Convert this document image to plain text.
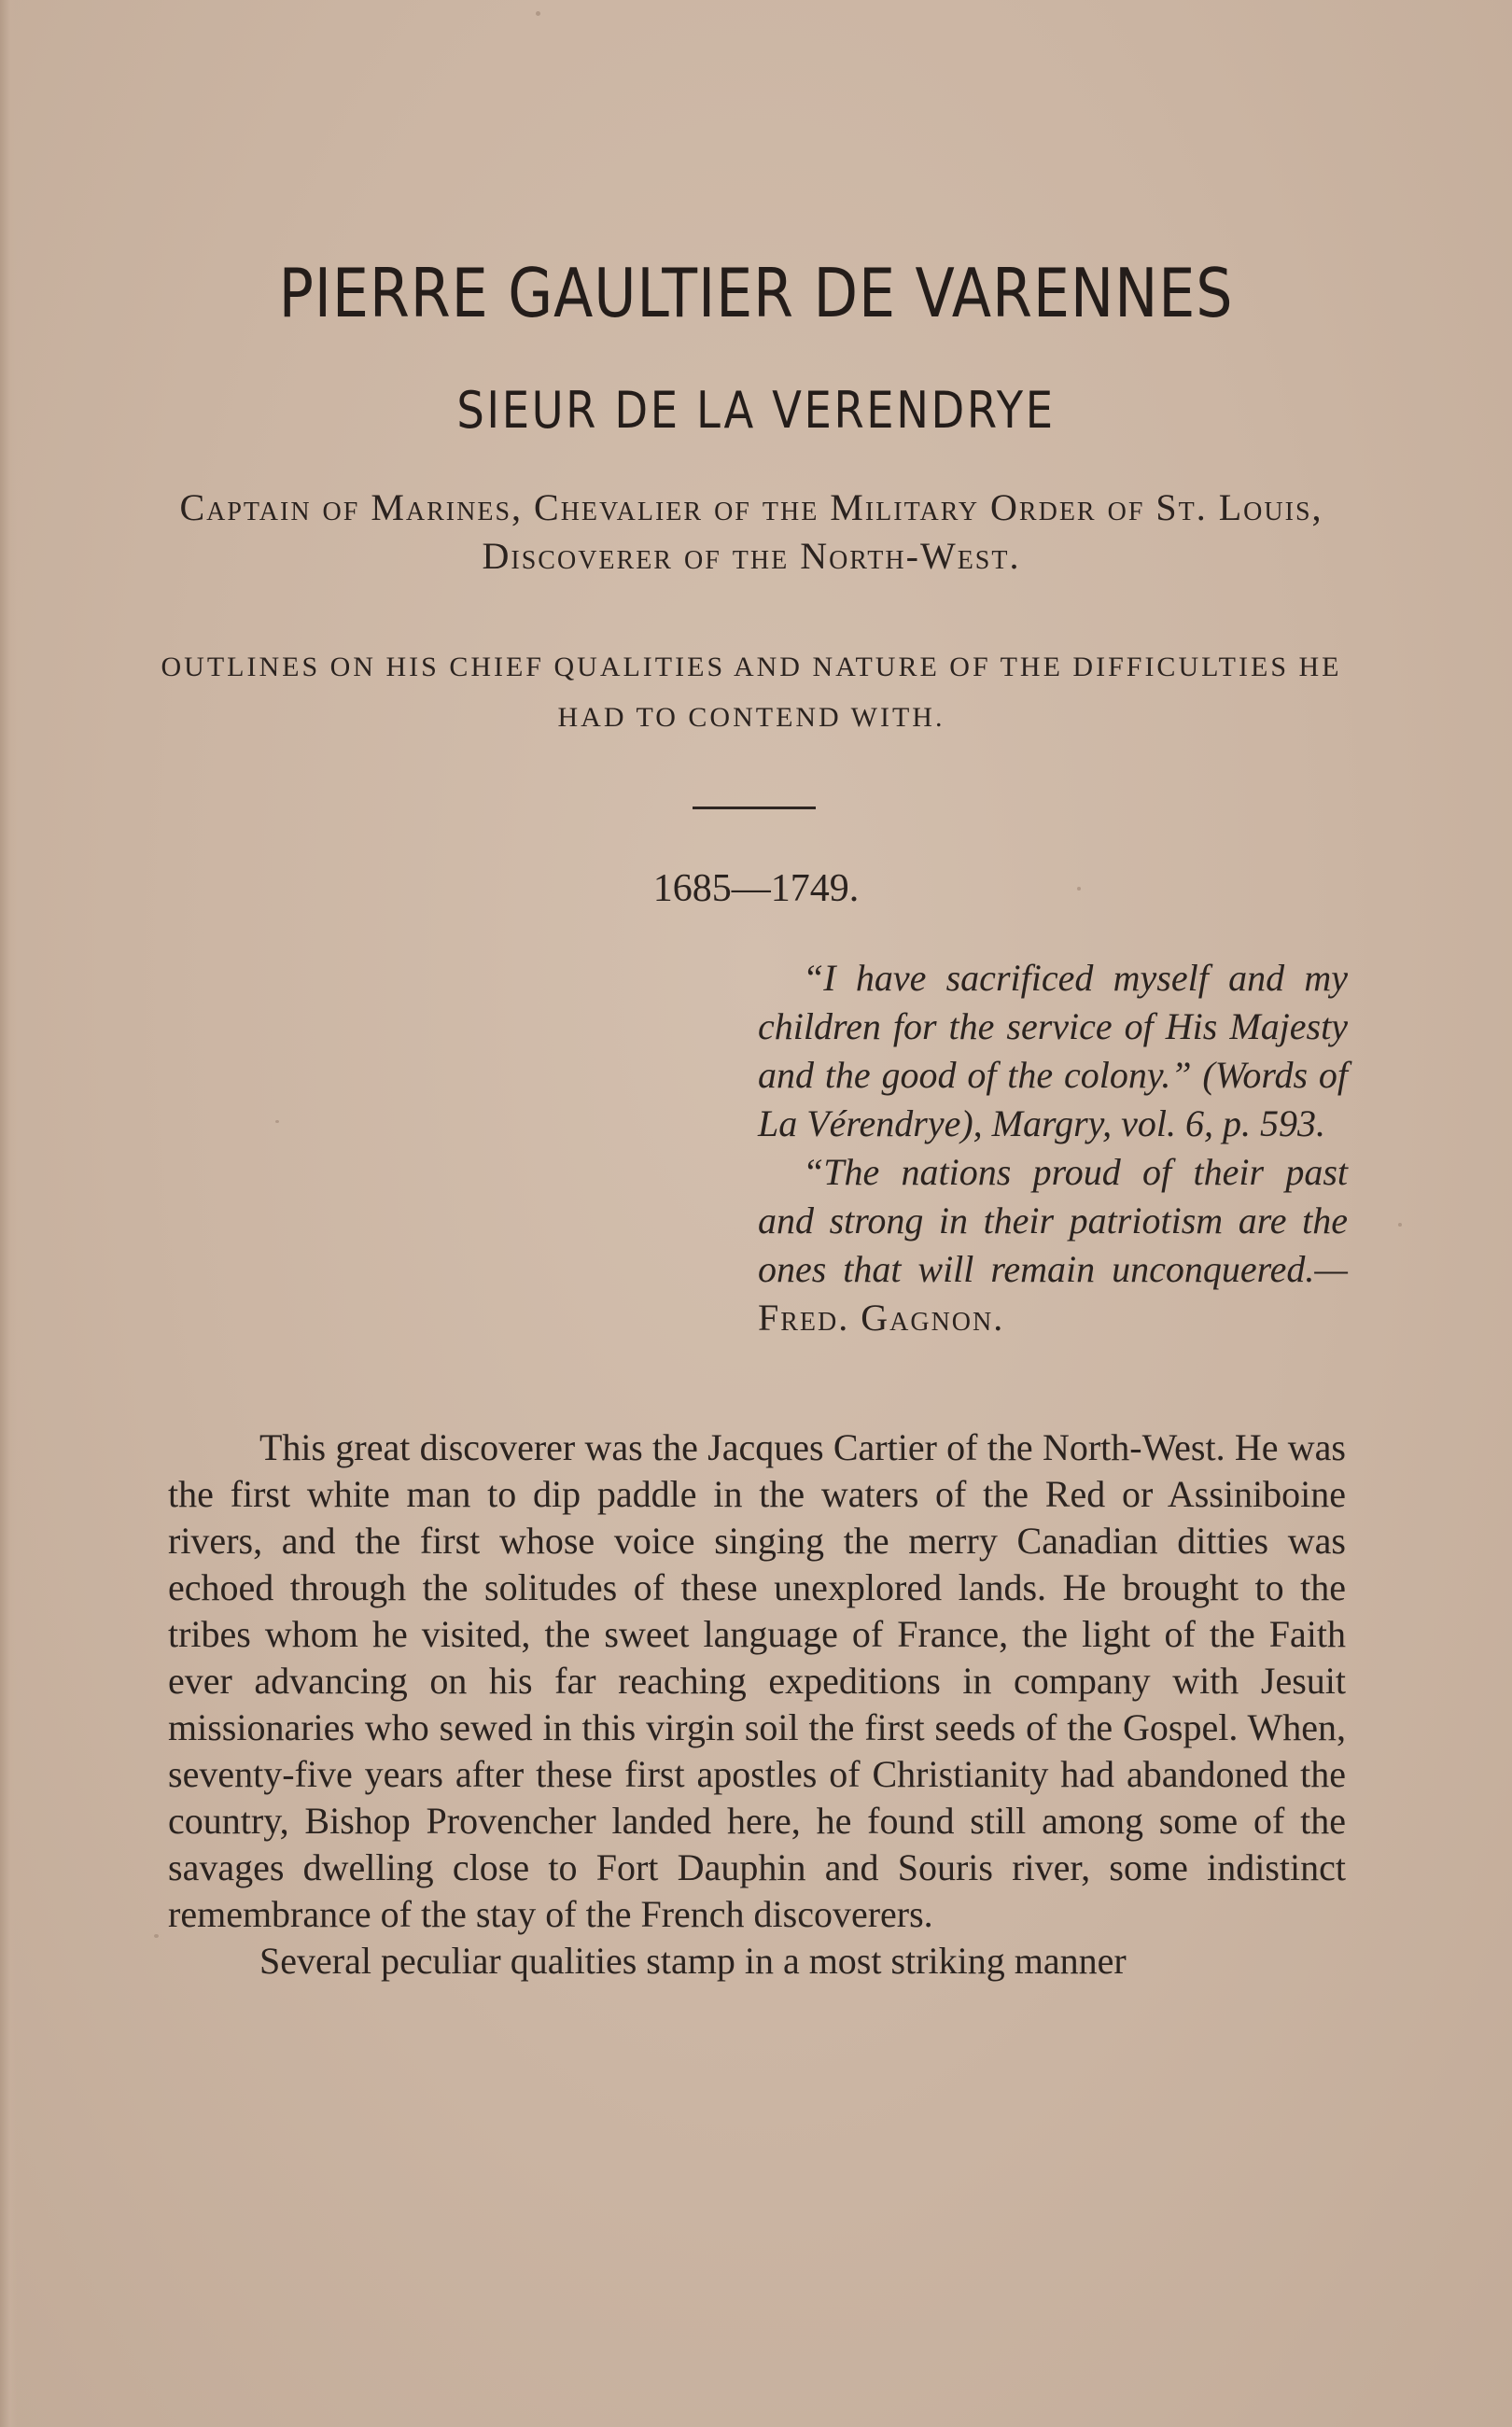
PIERRE GAULTIER DE VARENNES
SIEUR DE LA VERENDRYE
Captain of Marines, Chevalier of the Military Order of St. Louis, Discoverer of the North-West.
OUTLINES ON HIS CHIEF QUALITIES AND NATURE OF THE DIFFICULTIES HE HAD TO CONTEND WITH.
1685—1749.

“I have sacrificed myself and my children for the service of His Majesty and the good of the colony.” (Words of La Vérendrye), Margry, vol. 6, p. 593.

“The nations proud of their past and strong in their patriotism are the ones that will remain unconquered.—Fred. Gagnon.

This great discoverer was the Jacques Cartier of the North-West. He was the first white man to dip paddle in the waters of the Red or Assiniboine rivers, and the first whose voice singing the merry Canadian ditties was echoed through the solitudes of these unexplored lands. He brought to the tribes whom he visited, the sweet language of France, the light of the Faith ever advancing on his far reaching expeditions in company with Jesuit missionaries who sewed in this virgin soil the first seeds of the Gospel. When, seventy-five years after these first apostles of Christianity had abandoned the country, Bishop Provencher landed here, he found still among some of the savages dwelling close to Fort Dauphin and Souris river, some indistinct remembrance of the stay of the French discoverers.

Several peculiar qualities stamp in a most striking manner
